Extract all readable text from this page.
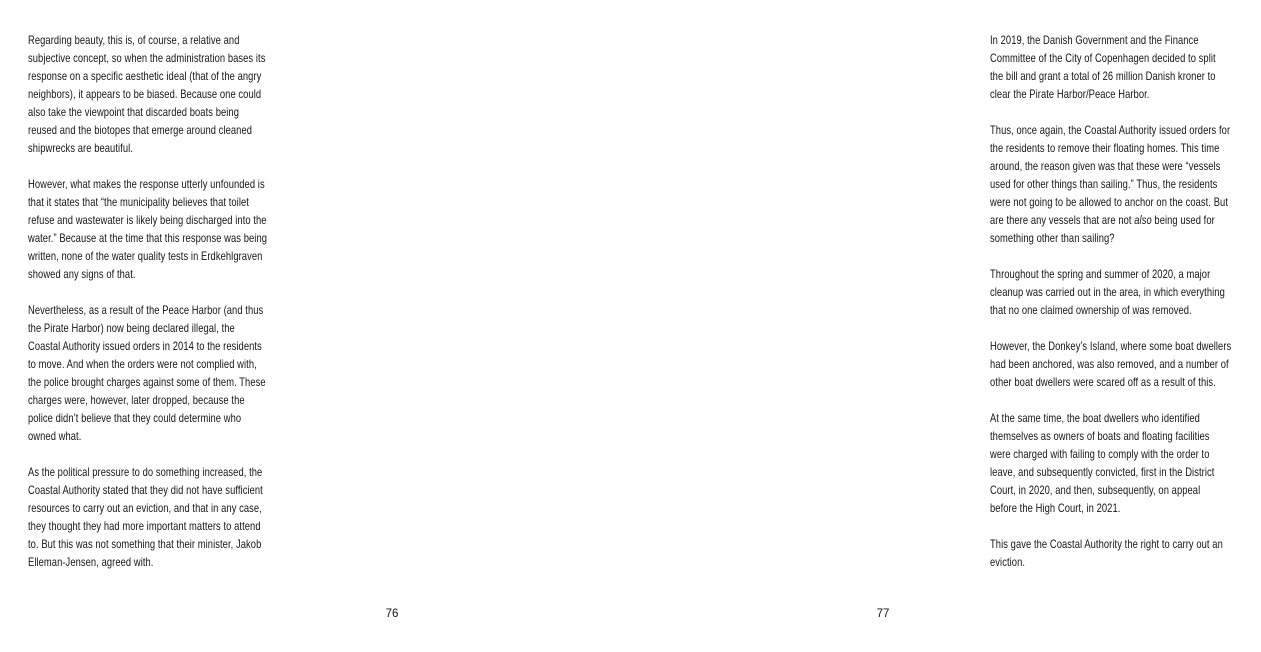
Regarding beauty, this is, of course, a relative and
subjective concept, so when the administration bases its
response on a specific aesthetic ideal (that of the angry
neighbors), it appears to be biased. Because one could
also take the viewpoint that discarded boats being
reused and the biotopes that emerge around cleaned
shipwrecks are beautiful.

However, what makes the response utterly unfounded is
that it states that “the municipality believes that toilet
refuse and wastewater is likely being discharged into the
water.” Because at the time that this response was being
written, none of the water quality tests in Erdkehlgraven
showed any signs of that.

Nevertheless, as a result of the Peace Harbor (and thus
the Pirate Harbor) now being declared illegal, the
Coastal Authority issued orders in 2014 to the residents
to move. And when the orders were not complied with,
the police brought charges against some of them. These
charges were, however, later dropped, because the
police didn’t believe that they could determine who
owned what.

As the political pressure to do something increased, the
Coastal Authority stated that they did not have sufficient
resources to carry out an eviction, and that in any case,
they thought they had more important matters to attend
to. But this was not something that their minister, Jakob
Elleman-Jensen, agreed with.

76

In 2019, the Danish Government and the Finance
Committee of the City of Copenhagen decided to split
the bill and grant a total of 26 million Danish kroner to
clear the Pirate Harbor/Peace Harbor.

Thus, once again, the Coastal Authority issued orders for
the residents to remove their floating homes. This time
around, the reason given was that these were “vessels
used for other things than sailing.” Thus, the residents
were not going to be allowed to anchor on the coast. But
are there any vessels that are not also being used for
something other than sailing?

Throughout the spring and summer of 2020, a major
cleanup was carried out in the area, in which everything
that no one claimed ownership of was removed.

However, the Donkey’s Island, where some boat dwellers
had been anchored, was also removed, and a number of
other boat dwellers were scared off as a result of this.

At the same time, the boat dwellers who identified
themselves as owners of boats and floating facilities
were charged with failing to comply with the order to
leave, and subsequently convicted, first in the District
Court, in 2020, and then, subsequently, on appeal
before the High Court, in 2021.

This gave the Coastal Authority the right to carry out an
eviction.

77
